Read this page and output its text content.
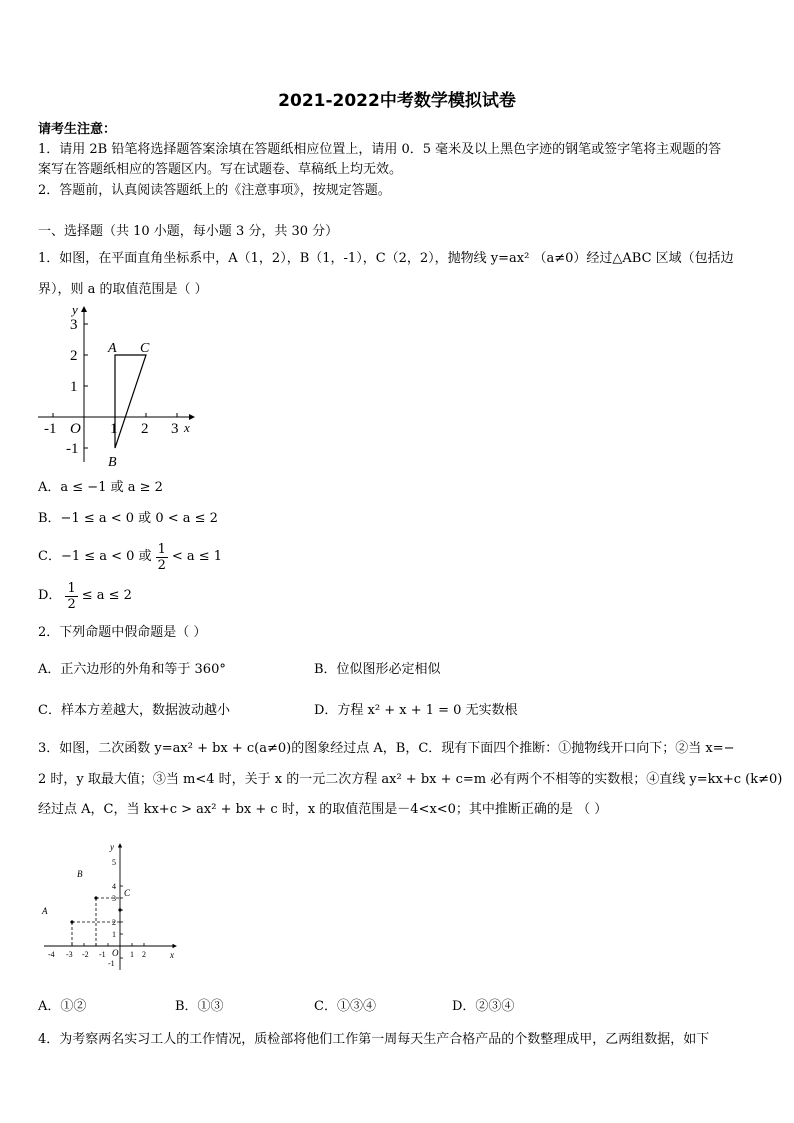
2021-2022中考数学模拟试卷
请考生注意：
1．请用 2B 铅笔将选择题答案涂填在答题纸相应位置上，请用 0．5 毫米及以上黑色字迹的钢笔或签字笔将主观题的答
案写在答题纸相应的答题区内。写在试题卷、草稿纸上均无效。
2．答题前，认真阅读答题纸上的《注意事项》，按规定答题。
一、选择题（共 10 小题，每小题 3 分，共 30 分）
1．如图，在平面直角坐标系中，A（1，2），B（1，-1），C（2，2），抛物线 y=ax² （a≠0）经过△ABC 区域（包括边
界），则 a 的取值范围是（ ）
y
x
O
3
2
1
-1
-1	1 2 3
A C
B
A．a ≤ −1 或 a ≥ 2
B．−1 ≤ a < 0 或 0 < a ≤ 2
C．−1 ≤ a < 0 或 $\frac{1}{2} < a \le 1$
D． $\frac{1}{2} \le a \le 2$
2．下列命题中假命题是（ ）
A．正六边形的外角和等于 360°	B．位似图形必定相似
C．样本方差越大，数据波动越小	D．方程 x² + x + 1 = 0 无实数根
3．如图，二次函数 y=ax² + bx + c(a≠0)的图象经过点 A，B，C．现有下面四个推断：①抛物线开口向下；②当 x=−
2 时，y 取最大值；③当 m<4 时，关于 x 的一元二次方程 ax² + bx + c=m 必有两个不相等的实数根；④直线 y=kx+c (k≠0)
经过点 A，C，当 kx+c > ax² + bx + c 时，x 的取值范围是－4<x<0；其中推断正确的是 （ ）
y
x
O
5
4
3
2
1
-1
-4 -3 -2 -1	1 2
A
B
C
A．①②	B．①③	C．①③④	D．②③④
4．为考察两名实习工人的工作情况，质检部将他们工作第一周每天生产合格产品的个数整理成甲，乙两组数据，如下
